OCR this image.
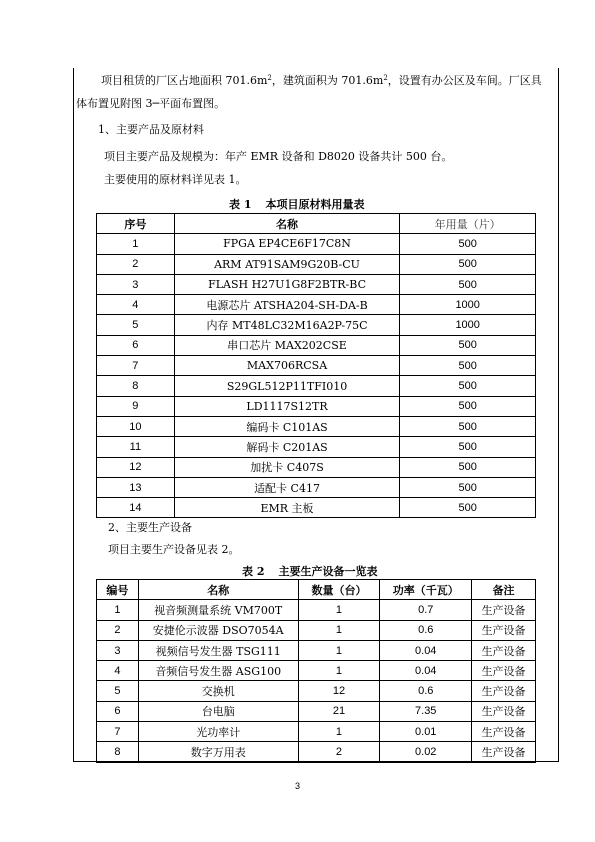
项目租赁的厂区占地面积 $701.6m^2$，建筑面积为 $701.6m^2$，设置有办公区及车间。厂区具
体布置见附图 3─平面布置图。
1、主要产品及原材料
项目主要产品及规模为：年产 EMR 设备和 D8020 设备共计 500 台。
主要使用的原材料详见表 1。
表 1 本项目原材料用量表
序号	名称	年用量（片）
1	FPGA EP4CE6F17C8N	500
2	ARM AT91SAM9G20B-CU	500
3	FLASH H27U1G8F2BTR-BC	500
4	电源芯片 ATSHA204-SH-DA-B	1000
5	内存 MT48LC32M16A2P-75C	1000
6	串口芯片 MAX202CSE	500
7	MAX706RCSA	500
8	S29GL512P11TFI010	500
9	LD1117S12TR	500
10	编码卡 C101AS	500
11	解码卡 C201AS	500
12	加扰卡 C407S	500
13	适配卡 C417	500
14	EMR 主板	500
2、主要生产设备
项目主要生产设备见表 2。
表 2 主要生产设备一览表
编号	名称	数量（台）	功率（千瓦）	备注
1	视音频测量系统 VM700T	1	0.7	生产设备
2	安捷伦示波器 DSO7054A	1	0.6	生产设备
3	视频信号发生器 TSG111	1	0.04	生产设备
4	音频信号发生器 ASG100	1	0.04	生产设备
5	交换机	12	0.6	生产设备
6	台电脑	21	7.35	生产设备
7	光功率计	1	0.01	生产设备
8	数字万用表	2	0.02	生产设备
3
